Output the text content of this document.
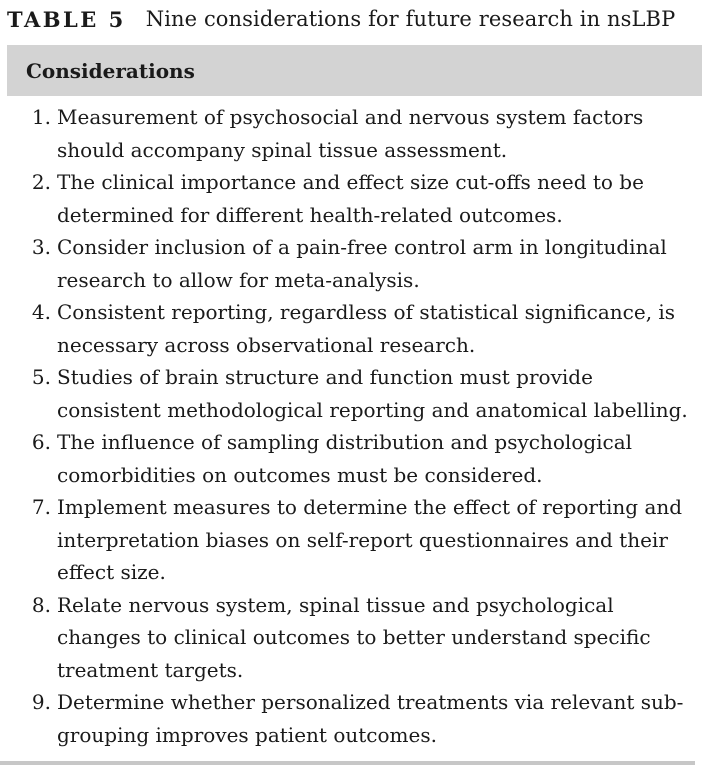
TABLE 5 Nine considerations for future research in nsLBP
Considerations
1. Measurement of psychosocial and nervous system factors
should accompany spinal tissue assessment.
2. The clinical importance and effect size cut-offs need to be
determined for different health-related outcomes.
3. Consider inclusion of a pain-free control arm in longitudinal
research to allow for meta-analysis.
4. Consistent reporting, regardless of statistical significance, is
necessary across observational research.
5. Studies of brain structure and function must provide
consistent methodological reporting and anatomical labelling.
6. The influence of sampling distribution and psychological
comorbidities on outcomes must be considered.
7. Implement measures to determine the effect of reporting and
interpretation biases on self-report questionnaires and their
effect size.
8. Relate nervous system, spinal tissue and psychological
changes to clinical outcomes to better understand specific
treatment targets.
9. Determine whether personalized treatments via relevant sub-
grouping improves patient outcomes.
